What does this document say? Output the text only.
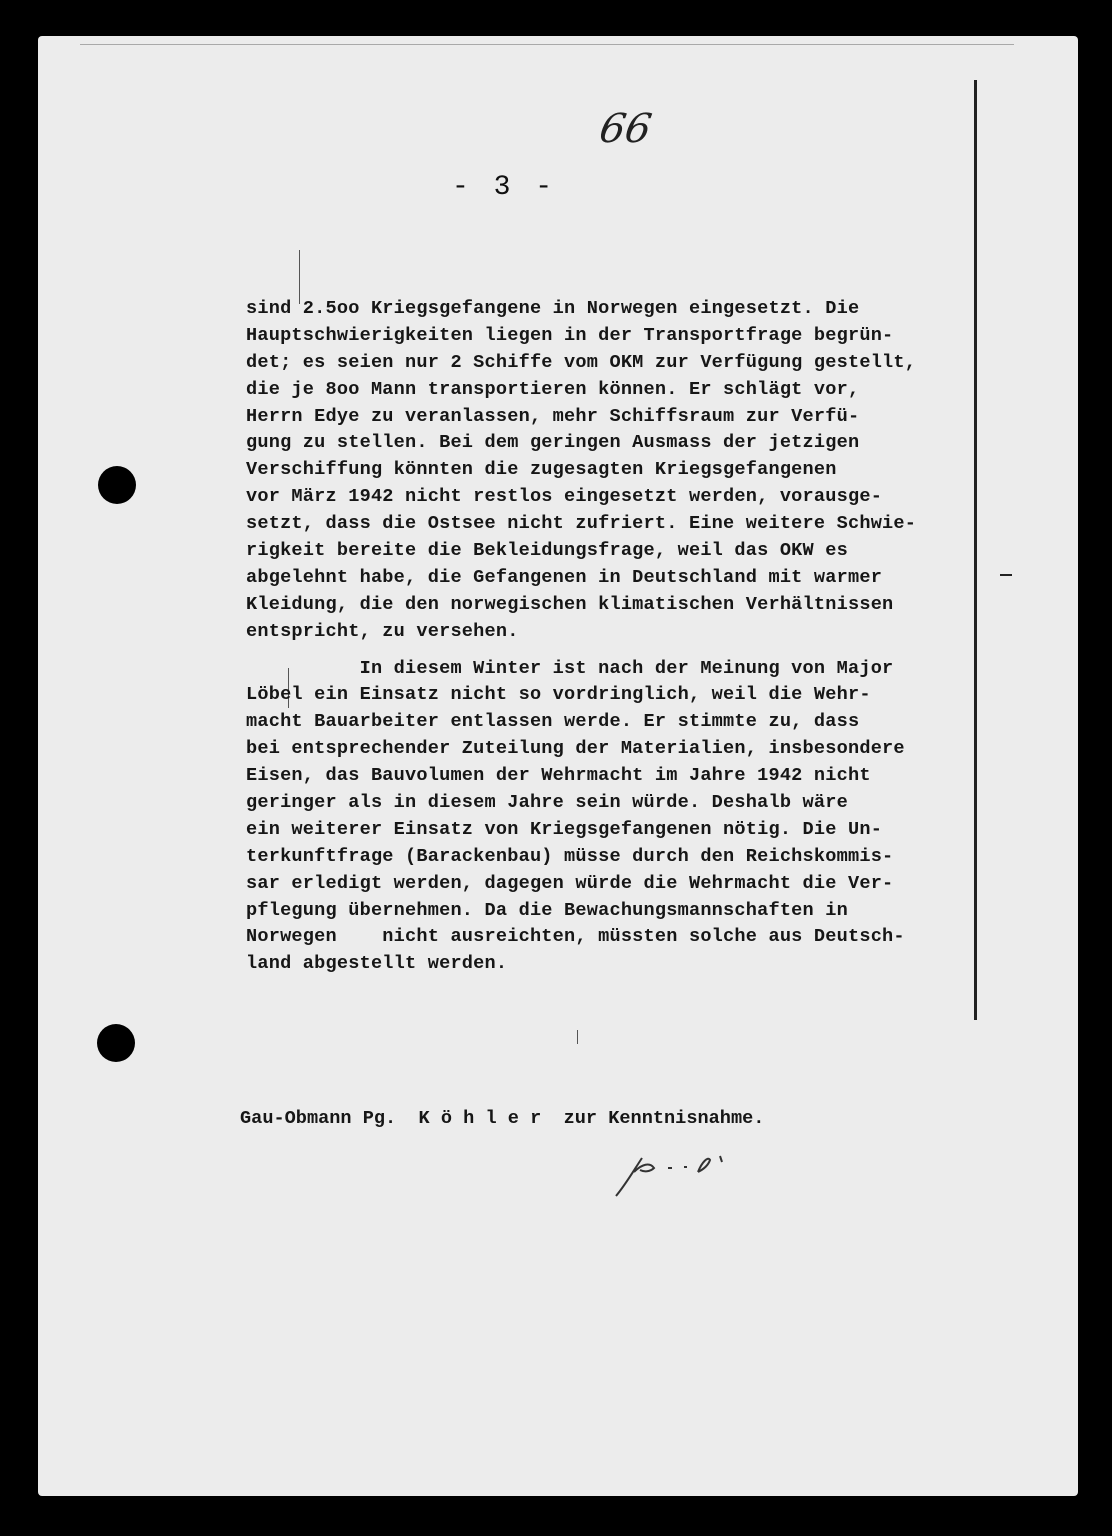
66
- 3 -
sind 2.5oo Kriegsgefangene in Norwegen eingesetzt. Die
Hauptschwierigkeiten liegen in der Transportfrage begrün-
det; es seien nur 2 Schiffe vom OKM zur Verfügung gestellt,
die je 8oo Mann transportieren können. Er schlägt vor,
Herrn Edye zu veranlassen, mehr Schiffsraum zur Verfü-
gung zu stellen. Bei dem geringen Ausmass der jetzigen
Verschiffung könnten die zugesagten Kriegsgefangenen
vor März 1942 nicht restlos eingesetzt werden, vorausge-
setzt, dass die Ostsee nicht zufriert. Eine weitere Schwie-
rigkeit bereite die Bekleidungsfrage, weil das OKW es
abgelehnt habe, die Gefangenen in Deutschland mit warmer
Kleidung, die den norwegischen klimatischen Verhältnissen
entspricht, zu versehen.
In diesem Winter ist nach der Meinung von Major
Löbel ein Einsatz nicht so vordringlich, weil die Wehr-
macht Bauarbeiter entlassen werde. Er stimmte zu, dass
bei entsprechender Zuteilung der Materialien, insbesondere
Eisen, das Bauvolumen der Wehrmacht im Jahre 1942 nicht
geringer als in diesem Jahre sein würde. Deshalb wäre
ein weiterer Einsatz von Kriegsgefangenen nötig. Die Un-
terkunftfrage (Barackenbau) müsse durch den Reichskommis-
sar erledigt werden, dagegen würde die Wehrmacht die Ver-
pflegung übernehmen. Da die Bewachungsmannschaften in
Norwegen    nicht ausreichten, müssten solche aus Deutsch-
land abgestellt werden.
Gau-Obmann Pg.  K ö h l e r  zur Kenntnisnahme.
